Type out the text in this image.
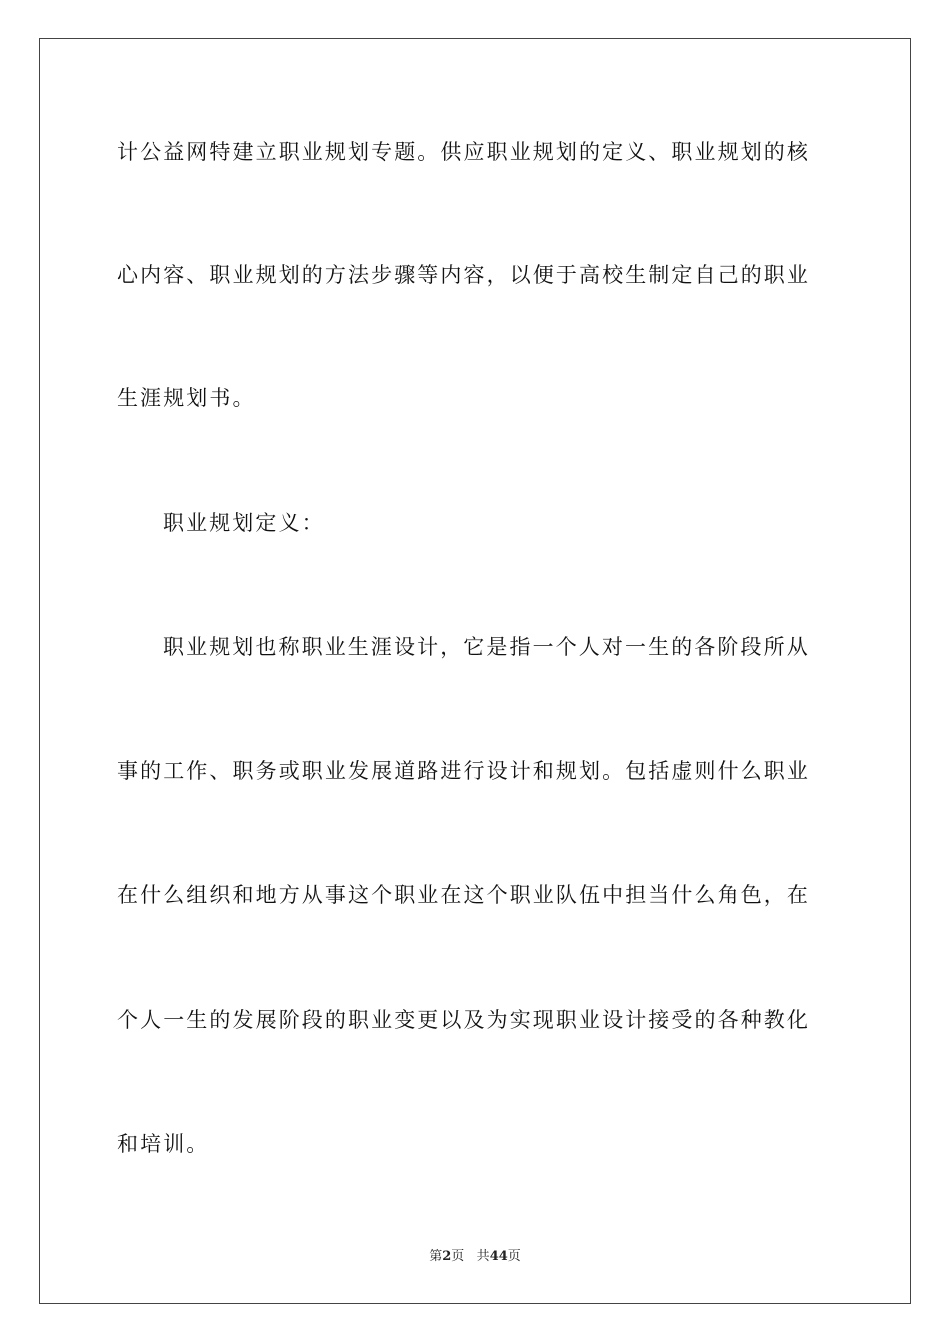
计公益网特建立职业规划专题。供应职业规划的定义、职业规划的核
心内容、职业规划的方法步骤等内容，以便于高校生制定自己的职业
生涯规划书。
职业规划定义：
职业规划也称职业生涯设计，它是指一个人对一生的各阶段所从
事的工作、职务或职业发展道路进行设计和规划。包括虚则什么职业
在什么组织和地方从事这个职业在这个职业队伍中担当什么角色，在
个人一生的发展阶段的职业变更以及为实现职业设计接受的各种教化
和培训。
第2页 共44页
